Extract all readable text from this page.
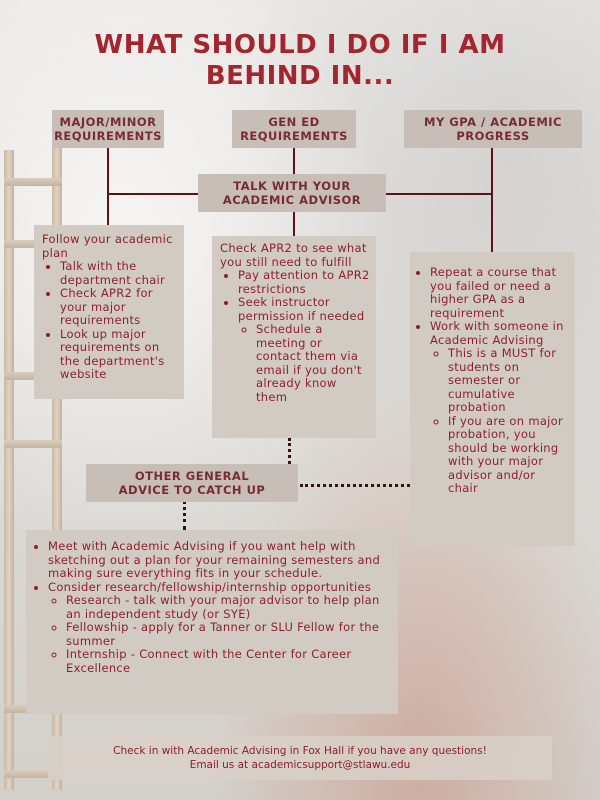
WHAT SHOULD I DO IF I AM
BEHIND IN...
MAJOR/MINOR
REQUIREMENTS
GEN ED
REQUIREMENTS
MY GPA / ACADEMIC
PROGRESS
TALK WITH YOUR
ACADEMIC ADVISOR
Follow your academic plan
• Talk with the department chair
• Check APR2 for your major requirements
• Look up major requirements on the department's website
Check APR2 to see what you still need to fulfill
• Pay attention to APR2 restrictions
• Seek instructor permission if needed
◦ Schedule a meeting or contact them via email if you don't already know them
• Repeat a course that you failed or need a higher GPA as a requirement
• Work with someone in Academic Advising
◦ This is a MUST for students on semester or cumulative probation
◦ If you are on major probation, you should be working with your major advisor and/or chair
OTHER GENERAL
ADVICE TO CATCH UP
• Meet with Academic Advising if you want help with sketching out a plan for your remaining semesters and making sure everything fits in your schedule.
• Consider research/fellowship/internship opportunities
◦ Research - talk with your major advisor to help plan an independent study (or SYE)
◦ Fellowship - apply for a Tanner or SLU Fellow for the summer
◦ Internship - Connect with the Center for Career Excellence
Check in with Academic Advising in Fox Hall if you have any questions!
Email us at academicsupport@stlawu.edu
